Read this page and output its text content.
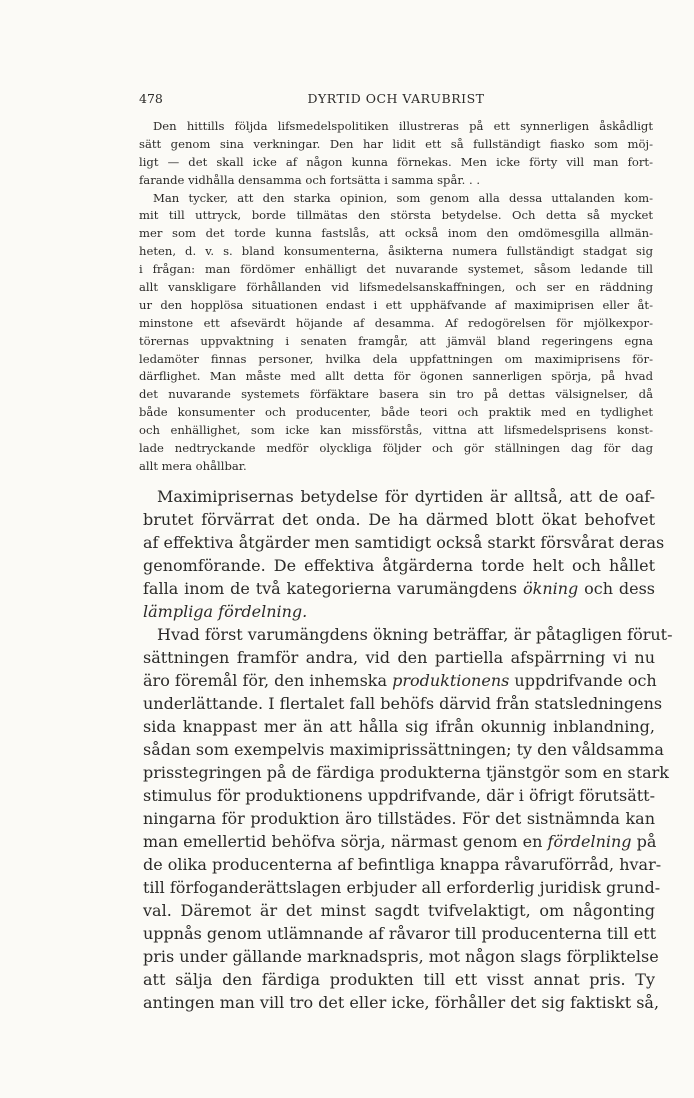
478	DYRTID OCH VARUBRIST
Den hittills följda lifsmedelspolitiken illustreras på ett synnerligen åskådligt
sätt genom sina verkningar. Den har lidit ett så fullständigt fiasko som möj-
ligt — det skall icke af någon kunna förnekas. Men icke förty vill man fort-
farande vidhålla densamma och fortsätta i samma spår. . .
Man tycker, att den starka opinion, som genom alla dessa uttalanden kom-
mit till uttryck, borde tillmätas den största betydelse. Och detta så mycket
mer som det torde kunna fastslås, att också inom den omdömesgilla allmän-
heten, d. v. s. bland konsumenterna, åsikterna numera fullständigt stadgat sig
i frågan: man fördömer enhälligt det nuvarande systemet, såsom ledande till
allt vanskligare förhållanden vid lifsmedelsanskaffningen, och ser en räddning
ur den hopplösa situationen endast i ett upphäfvande af maximiprisen eller åt-
minstone ett afsevärdt höjande af desamma. Af redogörelsen för mjölkexpor-
törernas uppvaktning i senaten framgår, att jämväl bland regeringens egna
ledamöter finnas personer, hvilka dela uppfattningen om maximiprisens för-
därflighet. Man måste med allt detta för ögonen sannerligen spörja, på hvad
det nuvarande systemets förfäktare basera sin tro på dettas välsignelser, då
både konsumenter och producenter, både teori och praktik med en tydlighet
och enhällighet, som icke kan missförstås, vittna att lifsmedelsprisens konst-
lade nedtryckande medför olyckliga följder och gör ställningen dag för dag
allt mera ohållbar.
Maximiprisernas betydelse för dyrtiden är alltså, att de oaf-
brutet förvärrat det onda. De ha därmed blott ökat behofvet
af effektiva åtgärder men samtidigt också starkt försvårat deras
genomförande. De effektiva åtgärderna torde helt och hållet
falla inom de två kategorierna varumängdens ökning och dess
lämpliga fördelning.
Hvad först varumängdens ökning beträffar, är påtagligen förut-
sättningen framför andra, vid den partiella afspärrning vi nu
äro föremål för, den inhemska produktionens uppdrifvande och
underlättande. I flertalet fall behöfs därvid från statsledningens
sida knappast mer än att hålla sig ifrån okunnig inblandning,
sådan som exempelvis maximiprissättningen; ty den våldsamma
prisstegringen på de färdiga produkterna tjänstgör som en stark
stimulus för produktionens uppdrifvande, där i öfrigt förutsätt-
ningarna för produktion äro tillstädes. För det sistnämnda kan
man emellertid behöfva sörja, närmast genom en fördelning på
de olika producenterna af befintliga knappa råvaruförråd, hvar-
till förfoganderättslagen erbjuder all erforderlig juridisk grund-
val. Däremot är det minst sagdt tvifvelaktigt, om någonting
uppnås genom utlämnande af råvaror till producenterna till ett
pris under gällande marknadspris, mot någon slags förpliktelse
att sälja den färdiga produkten till ett visst annat pris. Ty
antingen man vill tro det eller icke, förhåller det sig faktiskt så,
